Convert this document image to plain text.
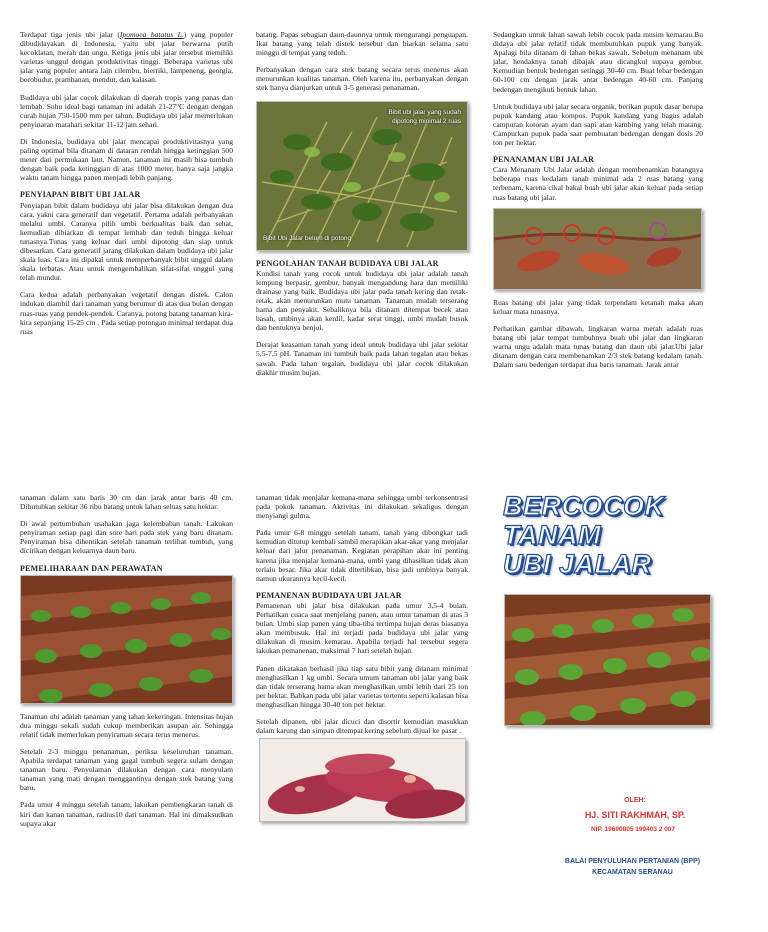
Terdapat tiga jenis ubi jalar (Ipomoea batatus L.) yang populer dibudidayakan di Indonesia, yaitu ubi jalar berwarna putih kecoklatan, merah dan ungu. Ketiga jenis ubi jalar tersebut memiliki varietas unggul dengan produktivitas tinggi. Beberapa varietas ubi jalar yang populer antara lain cilembu, bierriki, lampeneng, georgia, borobudur, prambanan, mendut, dan kalasan.

Budidaya ubi jalar cocok dilakukan di daerah tropis yang panas dan lembab. Suhu ideal bagi tanaman ini adalah 21-27°C dengan dengan curah hujan 750-1500 mm per tahun. Budidaya ubi jalar memerlukan penyinaran matahari sekitar 11-12 jam sehari.

Di Indonesia, budidaya ubi jalar mencapai produktivitasnya yang paling optimal bila ditanam di dataran rendah hingga ketinggian 500 meter dari permukaan laut. Namun, tanaman ini masih bisa tumbuh dengan baik pada ketinggian di atas 1000 meter, hanya saja jangka waktu tanam hingga panen menjadi lebih panjang.

PENYIAPAN BIBIT UBI JALAR

Penyiapan bibit dalam budidaya ubi jalar bisa dilakukan dengan dua cara, yakni cara generatif dan vegetatif. Pertama adalah perbanyakan melalui umbi. Caranya pilih umbi berkualitas baik dan sehat, kemudian dibiarkan di tempat lembab dan teduh hingga keluar tunasnya.Tunas yang keluar dari umbi dipotong dan siap untuk dibesarkan. Cara generatif jarang dilakukan dalam budidaya ubi jalar skala luas. Cara ini dipakai untuk memperbanyak bibit unggul dalam skala terbatas. Atau untuk mengembalikan sifat-sifat unggul yang telah mundur.

Cara kedua adalah perbanyakan vegetatif dengan distek. Calon indukan diambil dari tanaman yang berumur di atas dua bulan dengan ruas-ruas yang pendek-pendek. Caranya, potong batang tanaman kira-kira sepanjang 15-25 cm . Pada setiap potongan minimal terdapat dua ruas

batang. Papas sebagian daun-daunnya untuk mengurangi penguapan. Ikat batang yang telah distek tersebut dan biarkan selama satu minggu di tempat yang teduh.

Perbanyakan dengan cara stek batang secara terus menerus akan menurunkan kualitas tanaman. Oleh karena itu, perbanyakan dengan stek hanya dianjurkan untuk 3-5 generasi penanaman.

Bibit ubi jalar yang sudah dipotong minimal 2 ruas
Bibit Ubi Jalar belum di potong
PENGOLAHAN TANAH BUDIDAYA UBI JALAR

Kondisi tanah yang cocok untuk budidaya ubi jalar adalah tanah lempung berpasir, gembur, banyak mengandung hara dan memiliki drainase yang baik. Budidaya ubi jalar pada tanah kering dan retak-retak, akan menurunkan mutu tanaman. Tanaman mudah terserang hama dan penyakit. Sebaliknya bila ditanam ditempat becek atau basah, umbinya akan kerdil, kadar serat tinggi, umbi mudah busuk dan bentuknya benjol.

Derajat keasaman tanah yang ideal untuk budidaya ubi jalar sekitar 5,5-7,5 pH. Tanaman ini tumbuh baik pada lahan tegalan atau bekas sawah. Pada lahan tegalan, budidaya ubi jalar cocok dilakukan diakhir musim hujan.

Sedangkan untuk lahan sawah lebih cocok pada musim kemarau.Bu didaya ubi jalar relatif tidak membutuhkan pupuk yang banyak. Apalagi bila ditanam di lahan bekas sawah. Sebelum menanam ubi jalar, hendaknya tanah dibajak atau dicangkul supaya gembur. Kemudian bentuk bedengan setinggi 30-40 cm. Buat lebar bedengan 60-100 cm dengan jarak antar bedengan 40-60 cm. Panjang bedengan mengikuti bentuk lahan.

Untuk budidaya ubi jalar secara organik, berikan pupuk dasar berupa pupuk kandang atau kompos. Pupuk kandang yang bagus adalah campuran kotoran ayam dan sapi atau kambing yang telah matang. Campurkan pupuk pada saat pembuatan bedengan dengan dosis 20 ton per hektar.

PENANAMAN UBI JALAR

Cara Menanam Ubi Jalar adalah dengan membenamkan batangnya beberapa ruas kedalam tanah minimal ada 2 ruas batang yang terbenam, karena cikal bakal buah ubi jalar akan keluar pada setiap ruas batang ubi jalar.

Ruas batang ubi jalar yang tidak terpendam ketanah maka akan keluar mata tunasnya.

Perhatikan gambar dibawah, lingkaran warna merah adalah ruas batang ubi jalar tempat tumbuhnya buah ubi jalar dan lingkaran warna ungu adalah mata tunas batang dan daun ubi jalar.Ubi jalar ditanam dengan cara membenamkan 2/3 stek batang kedalam tanah. Dalam satu bedengan terdapat dua baris tanaman. Jarak antar

tanaman dalam satu baris 30 cm dan jarak antar baris 40 cm. Dibutuhkan sekitar 36 ribu batang untuk lahan seluas satu hektar.

Di awal pertumbuhan usahakan jaga kelembaban tanah. Lakukan penyiraman setiap pagi dan sore hari pada stek yang baru ditanam. Penyiraman bisa dihentikan setelah tanaman terlihat tumbuh, yang dicirikan dengan keluarnya daun baru.

PEMELIHARAAN DAN PERAWATAN

Tanaman ubi adalah tanaman yang tahan kekeringan. Intensitas hujan dua minggu sekali sudah cukup memberikan asupan air. Sehingga relatif tidak memerlukan penyiraman secara terus menerus.

Setelah 2-3 minggu penanaman, periksa keseluruhan tanaman. Apabila terdapat tanaman yang gagal tumbuh segera sulam dengan tanaman baru. Penyulaman dilakukan dengan cara menyulam tanaman yang mati dengan menggantinya dengan stek batang yang baru.

Pada umur 4 minggu setelah tanam, lakukan pembengkaran tanah di kiri dan kanan tanaman, radius10 dari tanaman. Hal ini dimaksudkan supaya akar

tanaman tidak menjalar kemana-mana sehingga umbi terkonsentrasi pada pokok tanaman. Aktivitas ini dilakukan sekaligus dengan menyiangi gulma.

Pada umur 6-8 minggu setelah tanam, tanah yang dibongkar tadi kemudian ditutup kembali sambil merapikan akar-akar yang menjalar keluar dari jalur penanaman. Kegiatan perapihan akar ini penting karena jika menjalar kemana-mana, umbi yang dihasilkan tidak akan terlalu besar. Jika akar tidak ditertibkan, bisa jadi umbinya banyak namun ukurannya kecil-kecil.

PEMANENAN BUDIDAYA UBI JALAR

Pemanenan ubi jalar bisa dilakukan pada umur 3,5-4 bulan. Perhatikan cuaca saat menjelang panen, atau umur tanaman di atas 3 bulan. Umbi siap panen yang tiba-tiba tertimpa hujan deras biasanya akan membusuk. Hal ini terjadi pada budidaya ubi jalar yang dilakukan di musim kemarau. Apabila terjadi hal tersebut segera lakukan pemanenan, maksimal 7 hari setelah hujan.

Panen dikatakan berhasil jika tiap satu bibit yang ditanam minimal menghasilkan 1 kg umbi. Secara umum tanaman ubi jalar yang baik dan tidak terserang hama akan menghasilkan umbi lebih dari 25 ton per hektar. Bahkan pada ubi jalar varietas tertentu seperti kalasan bisa menghasilkan hingga 30-40 ton per hektar.

Setelah dipanen, ubi jalar dicuci dan disortir kemudian masukkan dalam karung dan simpan ditempat kering sebelum dijual ke pasar .

BERCOCOK TANAM
UBI JALAR
OLEH:
HJ. SITI RAKHMAH, SP.
NIP. 19690805 199403 2 007
BALAI PENYULUHAN PERTANIAN (BPP)
KECAMATAN SERANAU
